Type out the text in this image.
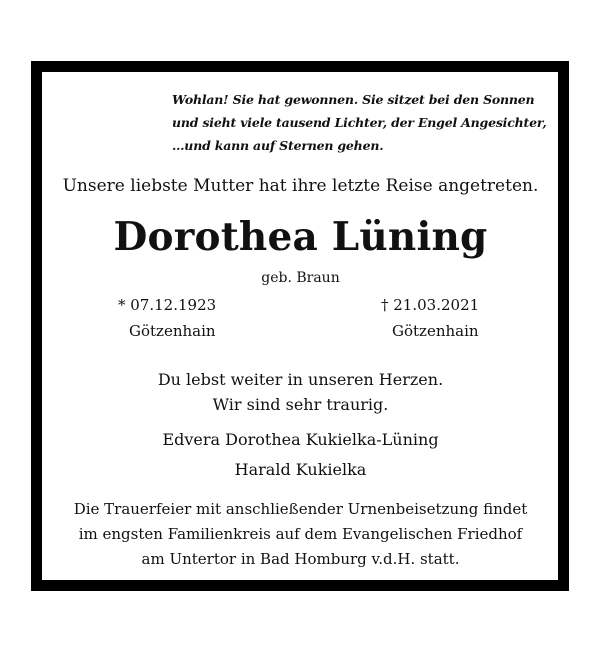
Wohlan! Sie hat gewonnen. Sie sitzet bei den Sonnen
und sieht viele tausend Lichter, der Engel Angesichter,
…und kann auf Sternen gehen.
Unsere liebste Mutter hat ihre letzte Reise angetreten.
Dorothea Lüning
geb. Braun
* 07.12.1923
Götzenhain
† 21.03.2021
Götzenhain
Du lebst weiter in unseren Herzen.
Wir sind sehr traurig.
Edvera Dorothea Kukielka-Lüning
Harald Kukielka
Die Trauerfeier mit anschließender Urnenbeisetzung findet
im engsten Familienkreis auf dem Evangelischen Friedhof
am Untertor in Bad Homburg v.d.H. statt.
